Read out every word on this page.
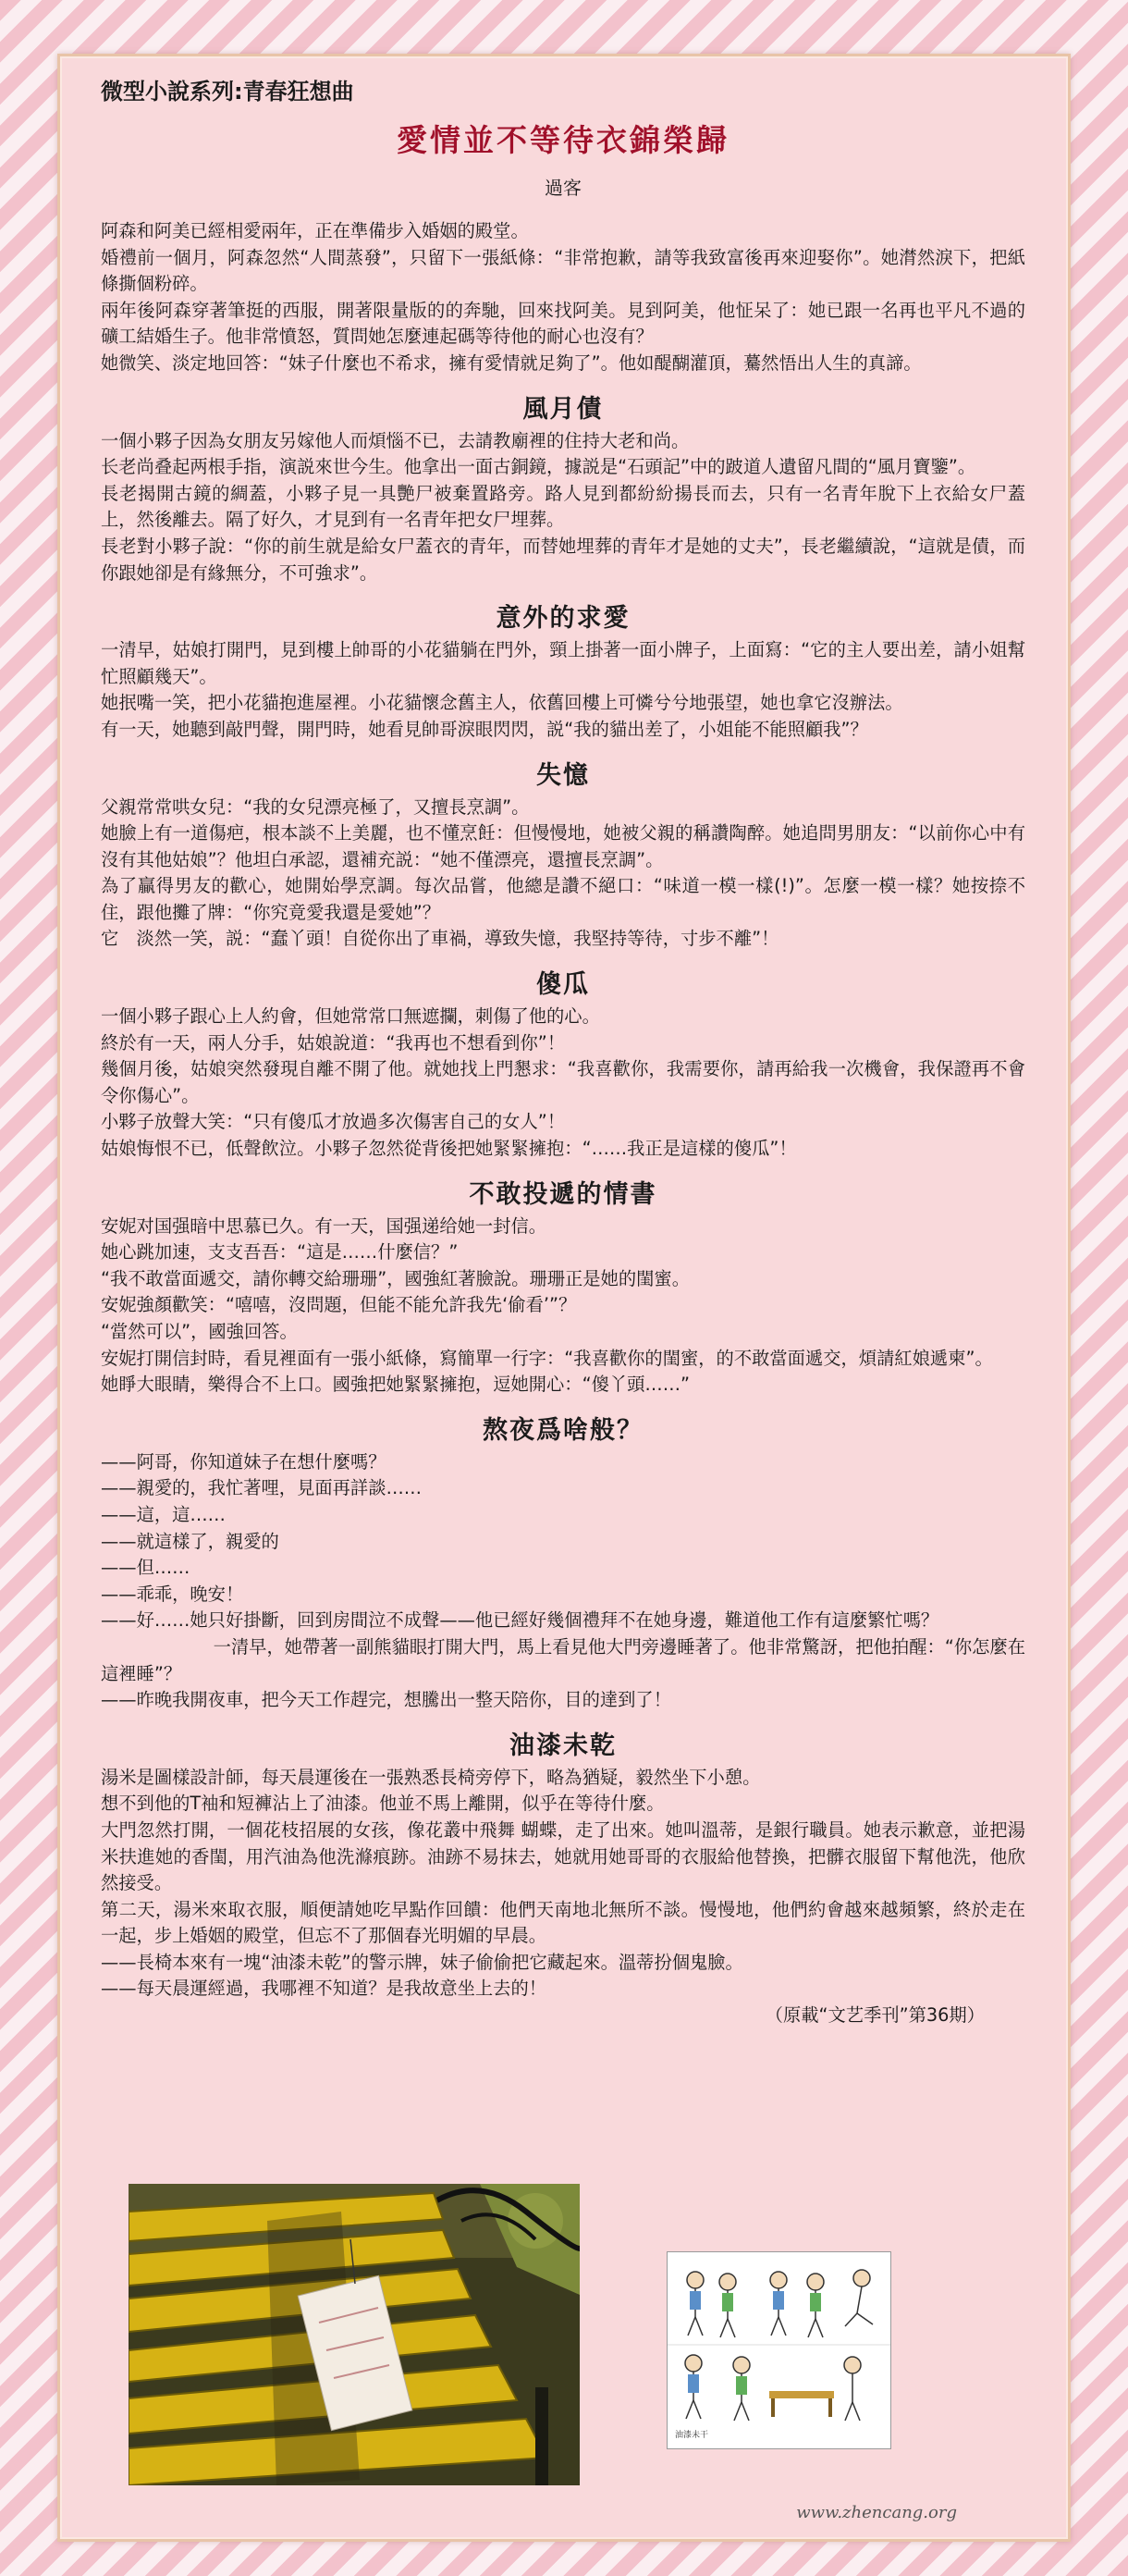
微型小說系列:青春狂想曲
愛情並不等待衣錦榮歸
過客

阿森和阿美已經相愛兩年，正在準備步入婚姻的殿堂。

婚禮前一個月，阿森忽然“人間蒸發”，只留下一張紙條：“非常抱歉，請等我致富後再來迎娶你”。她潸然淚下，把紙條撕個粉碎。

兩年後阿森穿著筆挺的西服，開著限量版的的奔馳，回來找阿美。見到阿美，他怔呆了：她已跟一名再也平凡不過的礦工結婚生子。他非常憤怒，質問她怎麼連起碼等待他的耐心也沒有？

她微笑、淡定地回答：“妹子什麼也不希求，擁有愛情就足夠了”。他如醍醐灌頂，驀然悟出人生的真諦。

風月債

一個小夥子因為女朋友另嫁他人而煩惱不已，去請教廟裡的住持大老和尚。

长老尚叠起两根手指，演説來世今生。他拿出一面古銅鏡，據説是“石頭記”中的跛道人遺留凡間的“風月寶鑒”。

長老揭開古鏡的綢蓋，小夥子見一具艷尸被棄置路旁。路人見到都紛紛揚長而去，只有一名青年脫下上衣給女尸蓋上，然後離去。隔了好久，才見到有一名青年把女尸埋葬。

長老對小夥子說：“你的前生就是給女尸蓋衣的青年，而替她埋葬的青年才是她的丈夫”，長老繼續說，“這就是債，而你跟她卻是有緣無分，不可強求”。

意外的求愛

一清早，姑娘打開門，見到樓上帥哥的小花貓躺在門外，頸上掛著一面小牌子，上面寫：“它的主人要出差，請小姐幫忙照顧幾天”。

她抿嘴一笑，把小花貓抱進屋裡。小花貓懷念舊主人，依舊回樓上可憐兮兮地張望，她也拿它沒辦法。

有一天，她聽到敲門聲，開門時，她看見帥哥淚眼閃閃，説“我的貓出差了，小姐能不能照顧我”？

失憶

父親常常哄女兒：“我的女兒漂亮極了，又擅長烹調”。

她臉上有一道傷疤，根本談不上美麗，也不懂烹飪：但慢慢地，她被父親的稱讚陶醉。她追問男朋友：“以前你心中有沒有其他姑娘”？他坦白承認，還補充説：“她不僅漂亮，還擅長烹調”。

為了贏得男友的歡心，她開始學烹調。每次品嘗，他總是讚不絕口：“味道一模一樣(!)”。怎麼一模一樣？她按捺不住，跟他攤了牌：“你究竟愛我還是愛她”？

它　淡然一笑，説：“蠢丫頭！自從你出了車禍，導致失憶，我堅持等待，寸步不離”！

傻瓜

一個小夥子跟心上人約會，但她常常口無遮攔，刺傷了他的心。

終於有一天，兩人分手，姑娘說道：“我再也不想看到你”！

幾個月後，姑娘突然發現自離不開了他。就她找上門懇求：“我喜歡你，我需要你，請再給我一次機會，我保證再不會令你傷心”。

小夥子放聲大笑：“只有傻瓜才放過多次傷害自己的女人”！

姑娘悔恨不已，低聲飲泣。小夥子忽然從背後把她緊緊擁抱：“……我正是這樣的傻瓜”！

不敢投遞的情書

安妮对国强暗中思慕已久。有一天，国强递给她一封信。

她心跳加速，支支吾吾：“這是……什麼信？”

“我不敢當面遞交，請你轉交給珊珊”，國強紅著臉說。珊珊正是她的閨蜜。

安妮強顏歡笑：“嘻嘻，沒問題，但能不能允許我先‘偷看’”？

“當然可以”，國強回答。

安妮打開信封時，看見裡面有一張小紙條，寫簡單一行字：“我喜歡你的閨蜜，的不敢當面遞交，煩請紅娘遞柬”。

她睜大眼睛，樂得合不上口。國強把她緊緊擁抱，逗她開心：“傻丫頭……”

熬夜爲啥般？

——阿哥，你知道妹子在想什麼嗎？

——親愛的，我忙著哩，見面再詳談……

——這，這……

——就這樣了，親愛的

——但……

——乖乖，晚安！

——好……她只好掛斷，回到房間泣不成聲——他已經好幾個禮拜不在她身邊，難道他工作有這麼繁忙嗎？

一清早，她帶著一副熊貓眼打開大門，馬上看見他大門旁邊睡著了。他非常驚訝，把他拍醒：“你怎麼在這裡睡”？

——昨晚我開夜車，把今天工作趕完，想騰出一整天陪你，目的達到了！

油漆未乾

湯米是圖樣設計師，每天晨運後在一張熟悉長椅旁停下，略為猶疑，毅然坐下小憩。

想不到他的T袖和短褲沾上了油漆。他並不馬上離開，似乎在等待什麼。

大門忽然打開，一個花枝招展的女孩，像花叢中飛舞 蝴蝶，走了出來。她叫溫蒂，是銀行職員。她表示歉意，並把湯米扶進她的香閨，用汽油為他洗滌痕跡。油跡不易抹去，她就用她哥哥的衣服給他替換，把髒衣服留下幫他洗，他欣然接受。

第二天，湯米來取衣服，順便請她吃早點作回饋：他們天南地北無所不談。慢慢地，他們約會越來越頻繁，終於走在一起，步上婚姻的殿堂，但忘不了那個春光明媚的早晨。

——長椅本來有一塊“油漆未乾”的警示牌，妹子偷偷把它藏起來。溫蒂扮個鬼臉。

——每天晨運經過，我哪裡不知道？是我故意坐上去的！

（原載“文艺季刊”第36期）
油漆未干
www.zhencang.org
